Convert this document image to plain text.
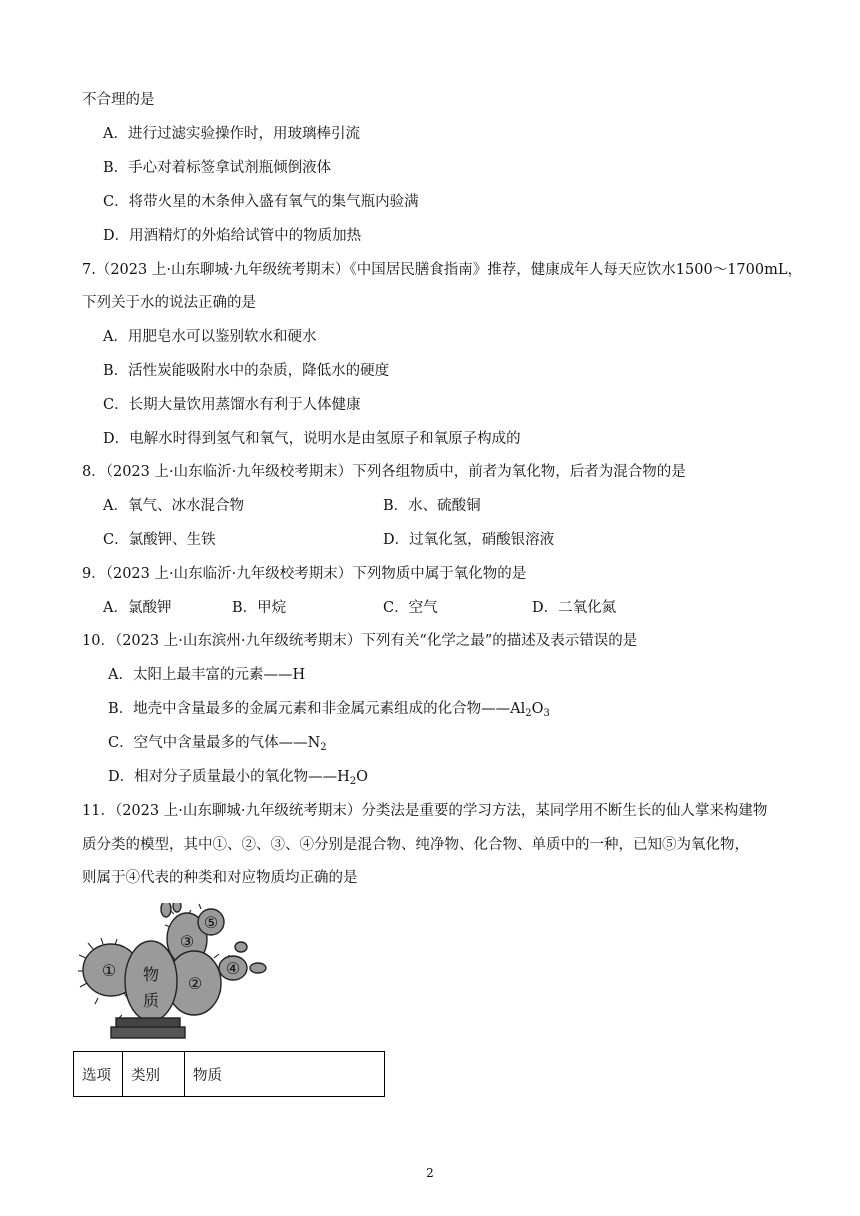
不合理的是
A．进行过滤实验操作时，用玻璃棒引流
B．手心对着标签拿试剂瓶倾倒液体
C．将带火星的木条伸入盛有氧气的集气瓶内验满
D．用酒精灯的外焰给试管中的物质加热
7.（2023 上·山东聊城·九年级统考期末）《中国居民膳食指南》推荐，健康成年人每天应饮水1500～1700mL，
下列关于水的说法正确的是
A．用肥皂水可以鉴别软水和硬水
B．活性炭能吸附水中的杂质，降低水的硬度
C．长期大量饮用蒸馏水有利于人体健康
D．电解水时得到氢气和氧气，说明水是由氢原子和氧原子构成的
8．（2023 上·山东临沂·九年级校考期末）下列各组物质中，前者为氧化物，后者为混合物的是
A．氧气、冰水混合物	B．水、硫酸铜
C．氯酸钾、生铁	D．过氧化氢，硝酸银溶液
9．（2023 上·山东临沂·九年级校考期末）下列物质中属于氧化物的是
A．氯酸钾	B．甲烷	C．空气	D．二氧化氮
10．（2023 上·山东滨州·九年级统考期末）下列有关“化学之最”的描述及表示错误的是
A．太阳上最丰富的元素——H
B．地壳中含量最多的金属元素和非金属元素组成的化合物$——Al_2O_3$
C．空气中含量最多的气体$——N_2$
D．相对分子质量最小的氧化物$——H_2O$
11．（2023 上·山东聊城·九年级统考期末）分类法是重要的学习方法，某同学用不断生长的仙人掌来构建物
质分类的模型，其中①、②、③、④分别是混合物、纯净物、化合物、单质中的一种，已知⑤为氧化物，
则属于④代表的种类和对应物质均正确的是
①
②
③
④
⑤
物
质
选项	类别	物质
2
